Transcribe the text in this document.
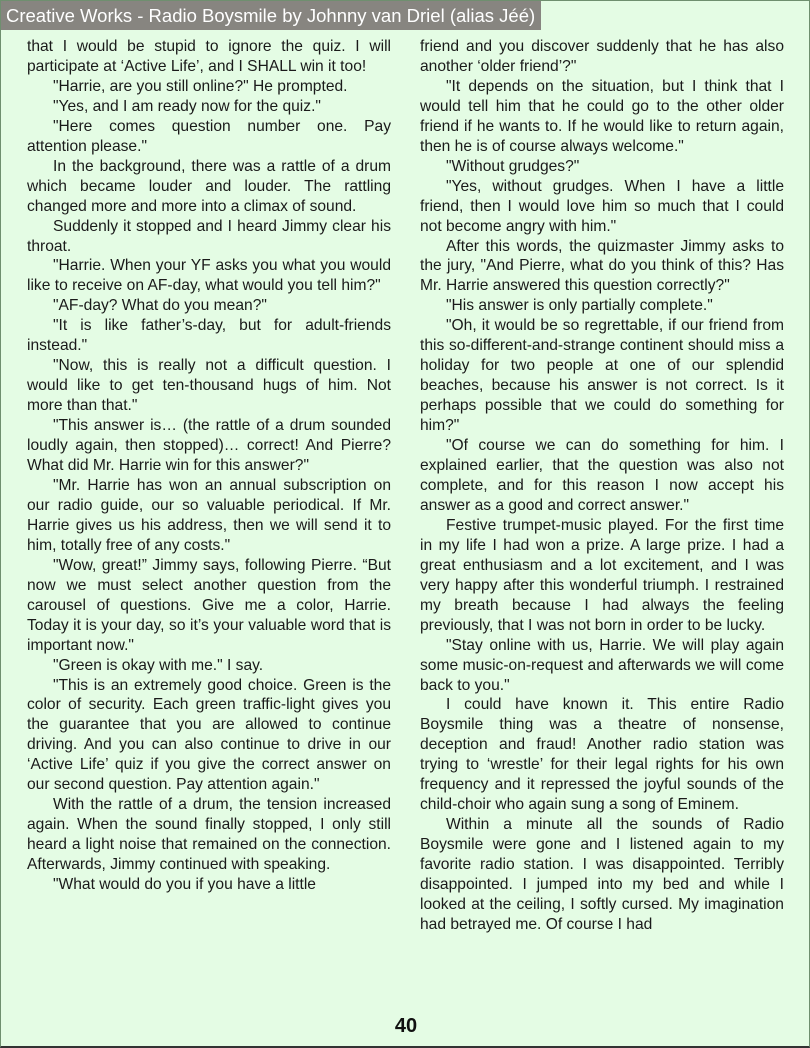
Creative Works - Radio Boysmile by Johnny van Driel (alias Jéé)

that I would be stupid to ignore the quiz. I will participate at ‘Active Life’, and I SHALL win it too!

"Harrie, are you still online?" He prompted.

"Yes, and I am ready now for the quiz."

"Here comes question number one. Pay attention please."

In the background, there was a rattle of a drum which became louder and louder. The rattling changed more and more into a climax of sound.

Suddenly it stopped and I heard Jimmy clear his throat.

"Harrie. When your YF asks you what you would like to receive on AF-day, what would you tell him?"

"AF-day? What do you mean?"

"It is like father’s-day, but for adult-friends instead."

"Now, this is really not a difficult question. I would like to get ten-thousand hugs of him. Not more than that."

"This answer is… (the rattle of a drum sounded loudly again, then stopped)… correct! And Pierre? What did Mr. Harrie win for this answer?"

"Mr. Harrie has won an annual subscription on our radio guide, our so valuable periodical. If Mr. Harrie gives us his address, then we will send it to him, totally free of any costs."

"Wow, great!” Jimmy says, following Pierre. “But now we must select another question from the carousel of questions. Give me a color, Harrie. Today it is your day, so it’s your valuable word that is important now."

"Green is okay with me." I say.

"This is an extremely good choice. Green is the color of security. Each green traffic-light gives you the guarantee that you are allowed to continue driving. And you can also continue to drive in our ‘Active Life’ quiz if you give the correct answer on our second question. Pay attention again."

With the rattle of a drum, the tension increased again. When the sound finally stopped, I only still heard a light noise that remained on the connection. Afterwards, Jimmy continued with speaking.

"What would do you if you have a little

friend and you discover suddenly that he has also another ‘older friend’?"

"It depends on the situation, but I think that I would tell him that he could go to the other older friend if he wants to. If he would like to return again, then he is of course always welcome."

"Without grudges?"

"Yes, without grudges. When I have a little friend, then I would love him so much that I could not become angry with him."

After this words, the quizmaster Jimmy asks to the jury, "And Pierre, what do you think of this? Has Mr. Harrie answered this question correctly?"

"His answer is only partially complete."

"Oh, it would be so regrettable, if our friend from this so-different-and-strange continent should miss a holiday for two people at one of our splendid beaches, because his answer is not correct. Is it perhaps possible that we could do something for him?"

"Of course we can do something for him. I explained earlier, that the question was also not complete, and for this reason I now accept his answer as a good and correct answer."

Festive trumpet-music played. For the first time in my life I had won a prize. A large prize. I had a great enthusiasm and a lot excitement, and I was very happy after this wonderful triumph. I restrained my breath because I had always the feeling previously, that I was not born in order to be lucky.

"Stay online with us, Harrie. We will play again some music-on-request and afterwards we will come back to you."

I could have known it. This entire Radio Boysmile thing was a theatre of nonsense, deception and fraud! Another radio station was trying to ‘wrestle’ for their legal rights for his own frequency and it repressed the joyful sounds of the child-choir who again sung a song of Eminem.

Within a minute all the sounds of Radio Boysmile were gone and I listened again to my favorite radio station. I was disappointed. Terribly disappointed. I jumped into my bed and while I looked at the ceiling, I softly cursed. My imagination had betrayed me. Of course I had

40
